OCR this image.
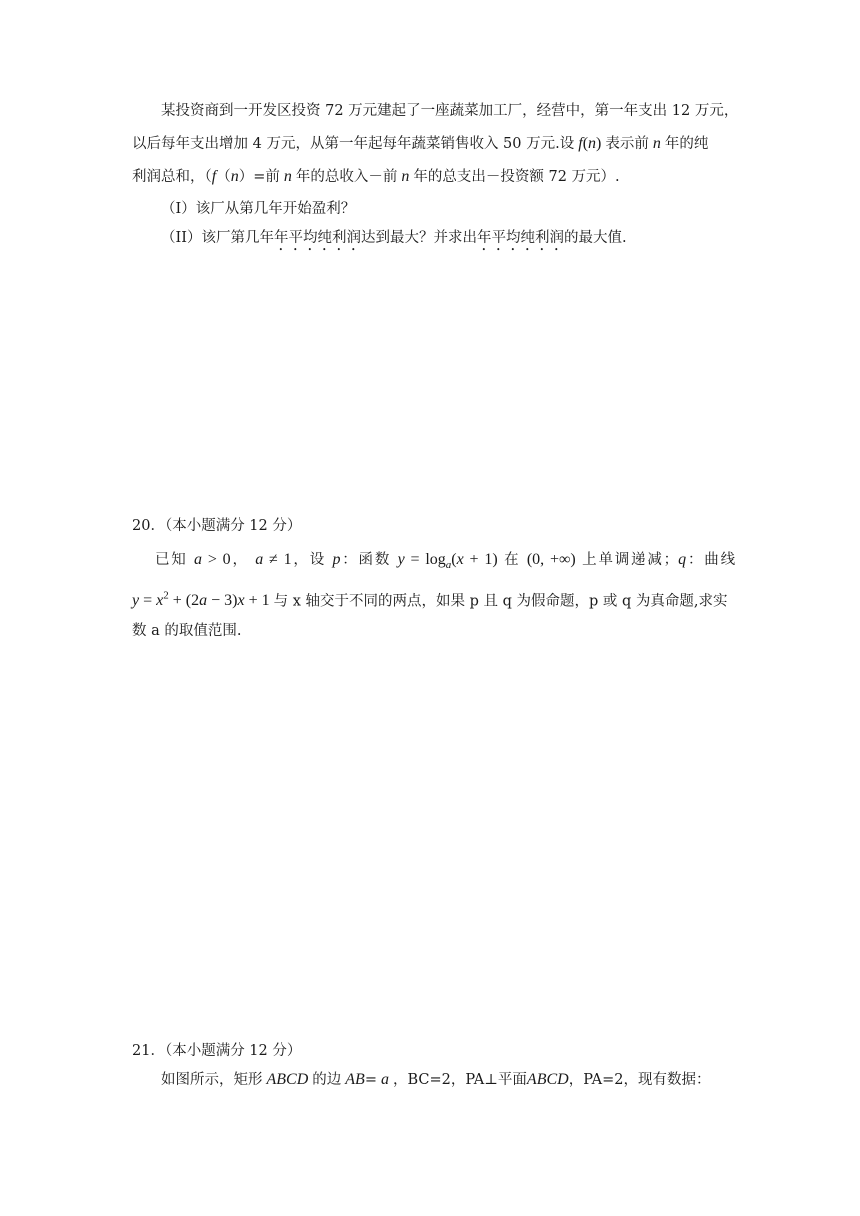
某投资商到一开发区投资 72 万元建起了一座蔬菜加工厂，经营中，第一年支出 12 万元，
以后每年支出增加 4 万元，从第一年起每年蔬菜销售收入 50 万元.设 f(n) 表示前 n 年的纯
利润总和，（f（n）=前 n 年的总收入－前 n 年的总支出－投资额 72 万元）.
（I）该厂从第几年开始盈利？
（II）该厂第几年年平均纯利润达到最大？并求出年平均纯利润的最大值.
20．（本小题满分 12 分）
已知 a > 0， a ≠ 1，设 p：函数 $y = \log_a(x + 1)$ 在 (0, +∞) 上单调递减；q：曲线
$y = x^2 + (2a - 3)x + 1$ 与 x 轴交于不同的两点，如果 p 且 q 为假命题，p 或 q 为真命题,求实
数 a 的取值范围.
21．（本小题满分 12 分）
如图所示，矩形 ABCD 的边 AB= a ，BC=2，PA⊥平面ABCD，PA=2，现有数据：
